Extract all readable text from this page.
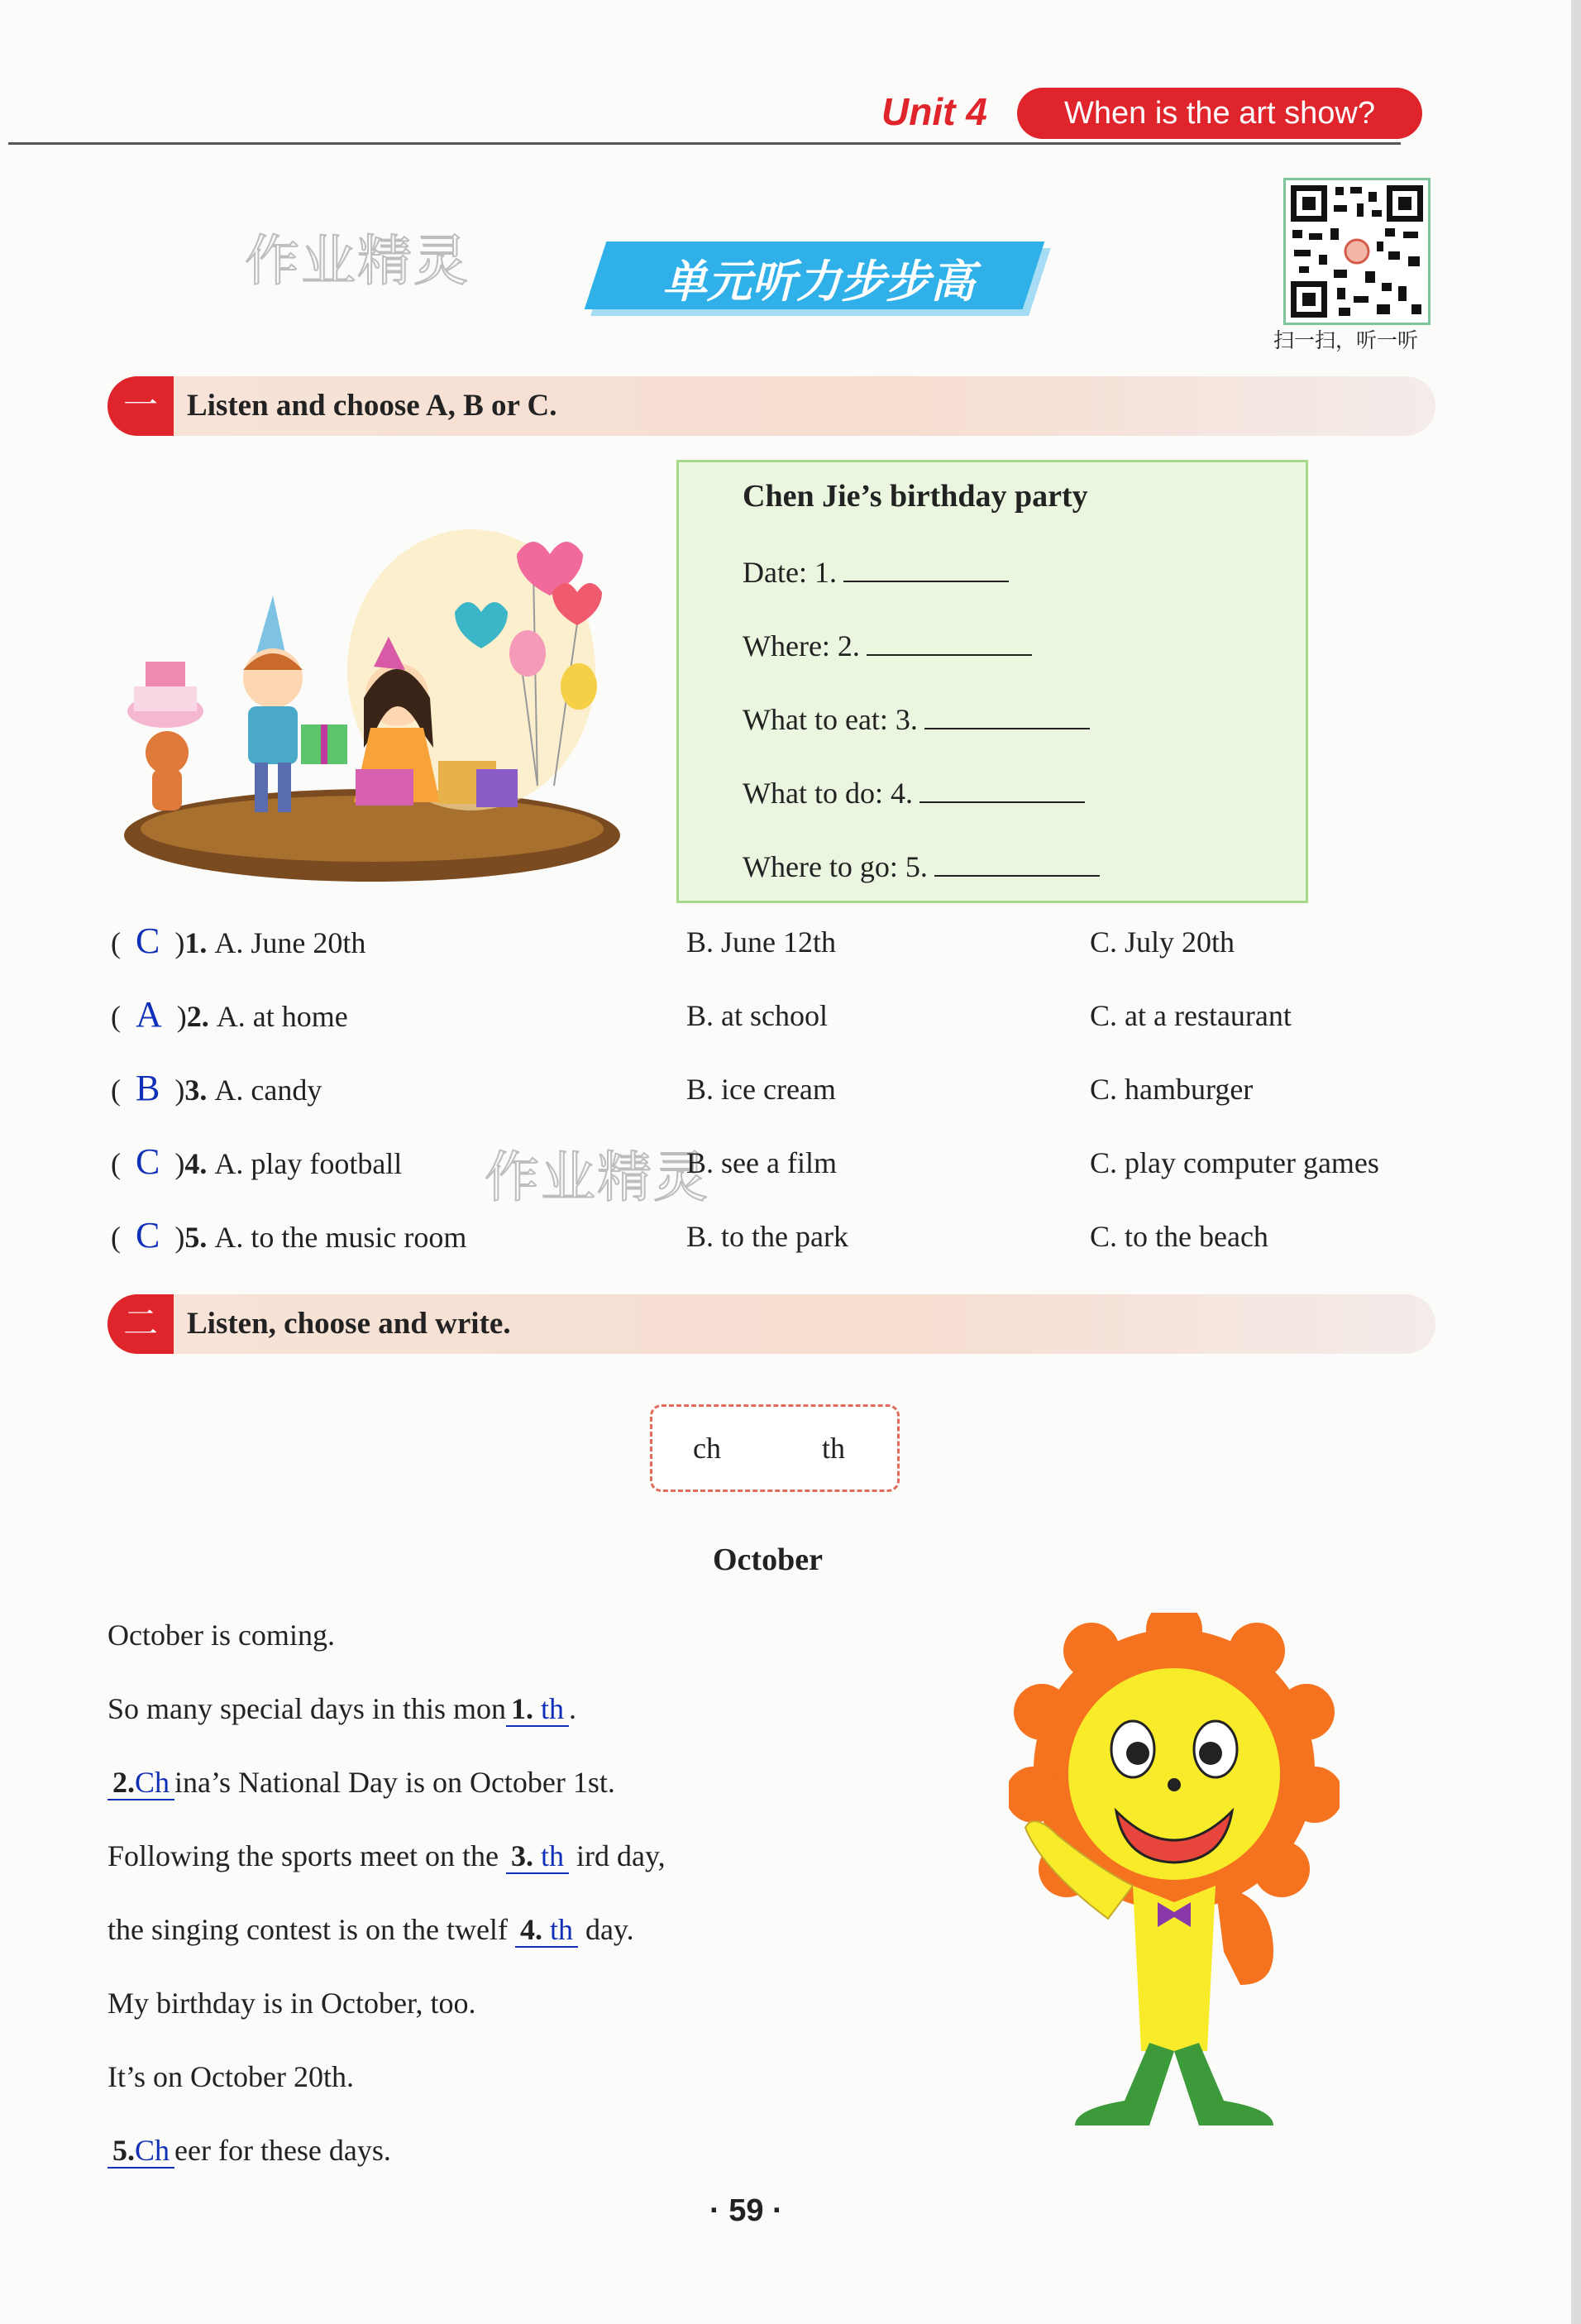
Unit 4	When is the art show?
作业精灵
作业精灵
单元听力步步高
扫一扫，听一听
一 Listen and choose A, B or C.
Chen Jie’s birthday party
Date: 1.
Where: 2.
What to eat: 3.
What to do: 4.
Where to go: 5.
( C )1. A. June 20th	B. June 12th	C. July 20th
( A )2. A. at home	B. at school	C. at a restaurant
( B )3. A. candy	B. ice cream	C. hamburger
( C )4. A. play football	B. see a film	C. play computer games
( C )5. A. to the music room	B. to the park	C. to the beach
二 Listen, choose and write.
ch	th
October
October is coming.
So many special days in this mon 1. th .
2.Ch ina’s National Day is on October 1st.
Following the sports meet on the 3. th ird day,
the singing contest is on the twelf 4. th day.
My birthday is in October, too.
It’s on October 20th.
5.Ch eer for these days.
· 59 ·
